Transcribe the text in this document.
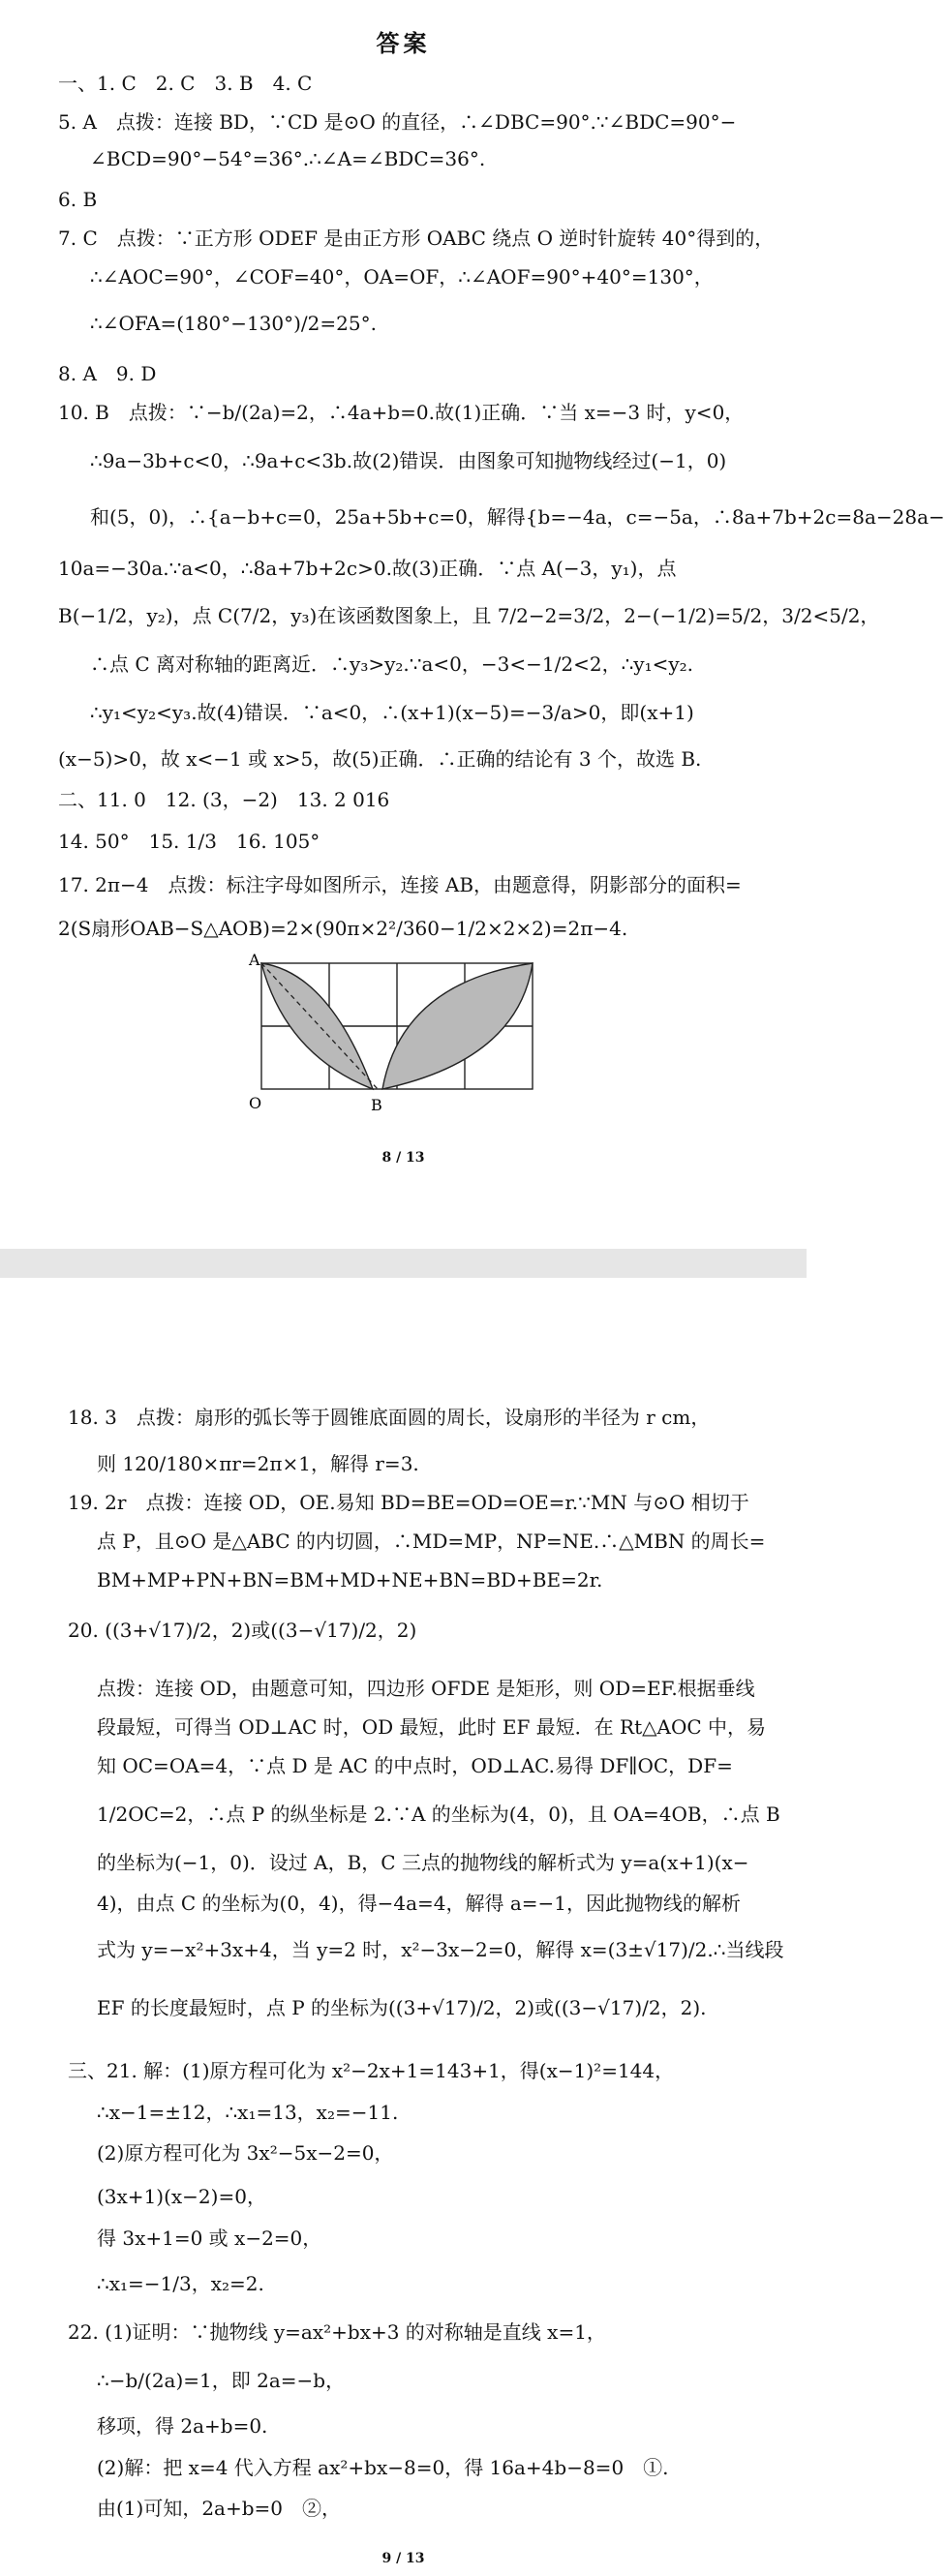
答案
一、1. C　2. C　3. B　4. C
5. A　点拨：连接 BD，∵CD 是⊙O 的直径，∴∠DBC=90°.∵∠BDC=90°−
∠BCD=90°−54°=36°.∴∠A=∠BDC=36°.
6. B
7. C　点拨：∵正方形 ODEF 是由正方形 OABC 绕点 O 逆时针旋转 40°得到的，
∴∠AOC=90°，∠COF=40°，OA=OF，∴∠AOF=90°+40°=130°，
∴∠OFA=(180°−130°)/2=25°.
8. A　9. D
10. B　点拨：∵−b/(2a)=2，∴4a+b=0.故(1)正确．∵当 x=−3 时，y<0，
∴9a−3b+c<0，∴9a+c<3b.故(2)错误．由图象可知抛物线经过(−1，0)
和(5，0)，∴{a−b+c=0，25a+5b+c=0，解得{b=−4a，c=−5a，∴8a+7b+2c=8a−28a−
10a=−30a.∵a<0，∴8a+7b+2c>0.故(3)正确．∵点 A(−3，y₁)，点
B(−1/2，y₂)，点 C(7/2，y₃)在该函数图象上，且 7/2−2=3/2，2−(−1/2)=5/2，3/2<5/2，
∴点 C 离对称轴的距离近．∴y₃>y₂.∵a<0，−3<−1/2<2，∴y₁<y₂.
∴y₁<y₂<y₃.故(4)错误．∵a<0，∴(x+1)(x−5)=−3/a>0，即(x+1)
(x−5)>0，故 x<−1 或 x>5，故(5)正确．∴正确的结论有 3 个，故选 B.
二、11. 0　12. (3，−2)　13. 2 016
14. 50°　15. 1/3　16. 105°
17. 2π−4　点拨：标注字母如图所示，连接 AB，由题意得，阴影部分的面积=
2(S扇形OAB−S△AOB)=2×(90π×2²/360−1/2×2×2)=2π−4.
A
O	B
8 / 13
18. 3　点拨：扇形的弧长等于圆锥底面圆的周长，设扇形的半径为 r cm，
则 120/180×πr=2π×1，解得 r=3.
19. 2r　点拨：连接 OD，OE.易知 BD=BE=OD=OE=r.∵MN 与⊙O 相切于
点 P，且⊙O 是△ABC 的内切圆，∴MD=MP，NP=NE.∴△MBN 的周长=
BM+MP+PN+BN=BM+MD+NE+BN=BD+BE=2r.
20. ((3+√17)/2，2)或((3−√17)/2，2)
点拨：连接 OD，由题意可知，四边形 OFDE 是矩形，则 OD=EF.根据垂线
段最短，可得当 OD⊥AC 时，OD 最短，此时 EF 最短．在 Rt△AOC 中，易
知 OC=OA=4，∵点 D 是 AC 的中点时，OD⊥AC.易得 DF∥OC，DF=
1/2OC=2，∴点 P 的纵坐标是 2.∵A 的坐标为(4，0)，且 OA=4OB，∴点 B
的坐标为(−1，0)．设过 A，B，C 三点的抛物线的解析式为 y=a(x+1)(x−
4)，由点 C 的坐标为(0，4)，得−4a=4，解得 a=−1，因此抛物线的解析
式为 y=−x²+3x+4，当 y=2 时，x²−3x−2=0，解得 x=(3±√17)/2.∴当线段
EF 的长度最短时，点 P 的坐标为((3+√17)/2，2)或((3−√17)/2，2).
三、21. 解：(1)原方程可化为 x²−2x+1=143+1，得(x−1)²=144，
∴x−1=±12，∴x₁=13，x₂=−11.
(2)原方程可化为 3x²−5x−2=0，
(3x+1)(x−2)=0，
得 3x+1=0 或 x−2=0，
∴x₁=−1/3，x₂=2.
22. (1)证明：∵抛物线 y=ax²+bx+3 的对称轴是直线 x=1，
∴−b/(2a)=1，即 2a=−b，
移项，得 2a+b=0.
(2)解：把 x=4 代入方程 ax²+bx−8=0，得 16a+4b−8=0　①.
由(1)可知，2a+b=0　②，
9 / 13
